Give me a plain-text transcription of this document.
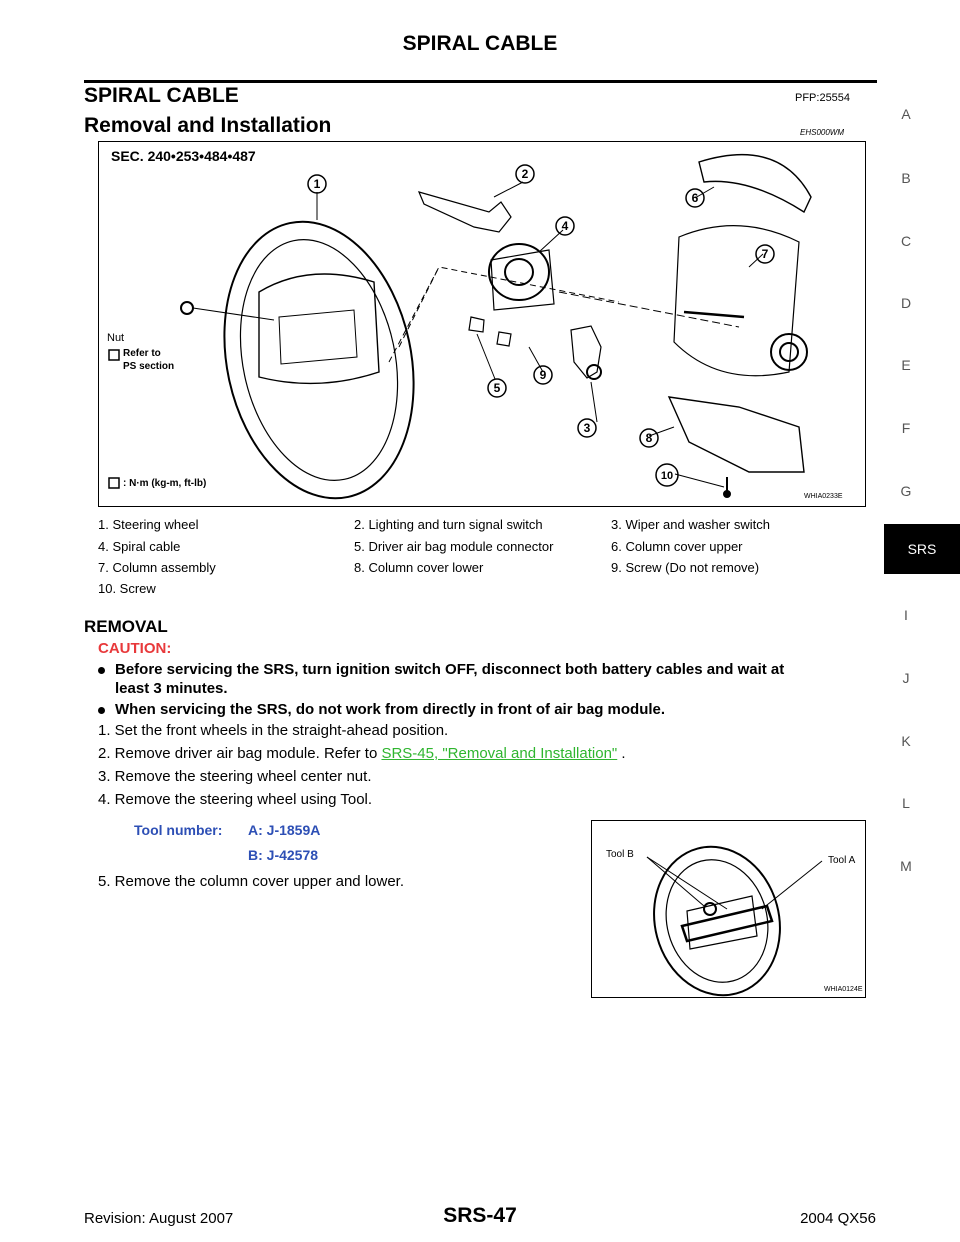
SPIRAL CABLE
SPIRAL CABLE	PFP:25554
Removal and Installation	EHS000WM
SEC. 240•253•484•487
1
2
3
4
5
6
7
8
9
10
Nut
Refer to
PS section
: N·m (kg-m, ft-lb)
WHIA0233E
1. Steering wheel	2. Lighting and turn signal switch	3. Wiper and washer switch
4. Spiral cable	5. Driver air bag module connector	6. Column cover upper
7. Column assembly	8. Column cover lower	9. Screw (Do not remove)
10. Screw
REMOVAL
CAUTION:
Before servicing the SRS, turn ignition switch OFF, disconnect both battery cables and wait at
least 3 minutes.
When servicing the SRS, do not work from directly in front of air bag module.
1. Set the front wheels in the straight-ahead position.
2. Remove driver air bag module. Refer to SRS-45, "Removal and Installation" .
3. Remove the steering wheel center nut.
4. Remove the steering wheel using Tool.
Tool number: A: J-1859A
B: J-42578
5. Remove the column cover upper and lower.
Tool B
Tool A
WHIA0124E
A
B
C
D
E
F
G
SRS
I
J
K
L
M
Revision: August 2007	SRS-47	2004 QX56
